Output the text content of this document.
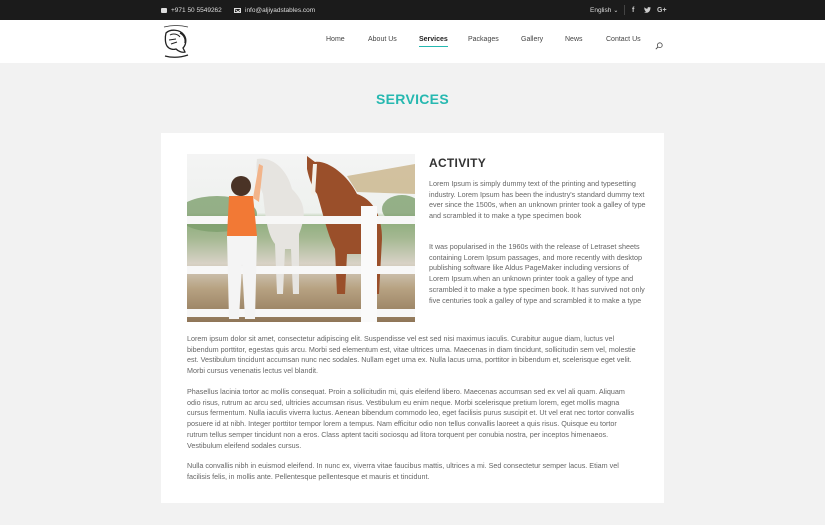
+971 50 5549262	info@aljiyadstables.com	English ⌄ f	G+
Home	About Us	Services	Packages	Gallery	News	Contact Us
SERVICES
ACTIVITY

Lorem Ipsum is simply dummy text of the printing and typesetting industry. Lorem Ipsum has been the industry's standard dummy text ever since the 1500s, when an unknown printer took a galley of type and scrambled it to make a type specimen book

It was popularised in the 1960s with the release of Letraset sheets containing Lorem Ipsum passages, and more recently with desktop publishing software like Aldus PageMaker including versions of Lorem Ipsum.when an unknown printer took a galley of type and scrambled it to make a type specimen book. It has survived not only five centuries took a galley of type and scrambled it to make a type

Lorem ipsum dolor sit amet, consectetur adipiscing elit. Suspendisse vel est sed nisi maximus iaculis. Curabitur augue diam, luctus vel bibendum porttitor, egestas quis arcu. Morbi sed elementum est, vitae ultrices urna. Maecenas in diam tincidunt, sollicitudin sem vel, molestie est. Vestibulum tincidunt accumsan nunc nec sodales. Nullam eget urna ex. Nulla lacus urna, porttitor in bibendum et, scelerisque eget velit. Morbi cursus venenatis lectus vel blandit.

Phasellus lacinia tortor ac mollis consequat. Proin a sollicitudin mi, quis eleifend libero. Maecenas accumsan sed ex vel ali quam. Aliquam odio risus, rutrum ac arcu sed, ultricies accumsan risus. Vestibulum eu enim neque. Morbi scelerisque pretium lorem, eget mollis magna cursus fermentum. Nulla iaculis viverra luctus. Aenean bibendum commodo leo, eget facilisis purus suscipit et. Ut vel erat nec tortor convallis posuere id at nibh. Integer porttitor tempor lorem a tempus. Nam efficitur odio non tellus convallis laoreet a quis risus. Quisque eu tortor rutrum tellus semper tincidunt non a eros. Class aptent taciti sociosqu ad litora torquent per conubia nostra, per inceptos himenaeos. Vestibulum eleifend sodales cursus.

Nulla convallis nibh in euismod eleifend. In nunc ex, viverra vitae faucibus mattis, ultrices a mi. Sed consectetur semper lacus. Etiam vel facilisis felis, in mollis ante. Pellentesque pellentesque et mauris et tincidunt.
